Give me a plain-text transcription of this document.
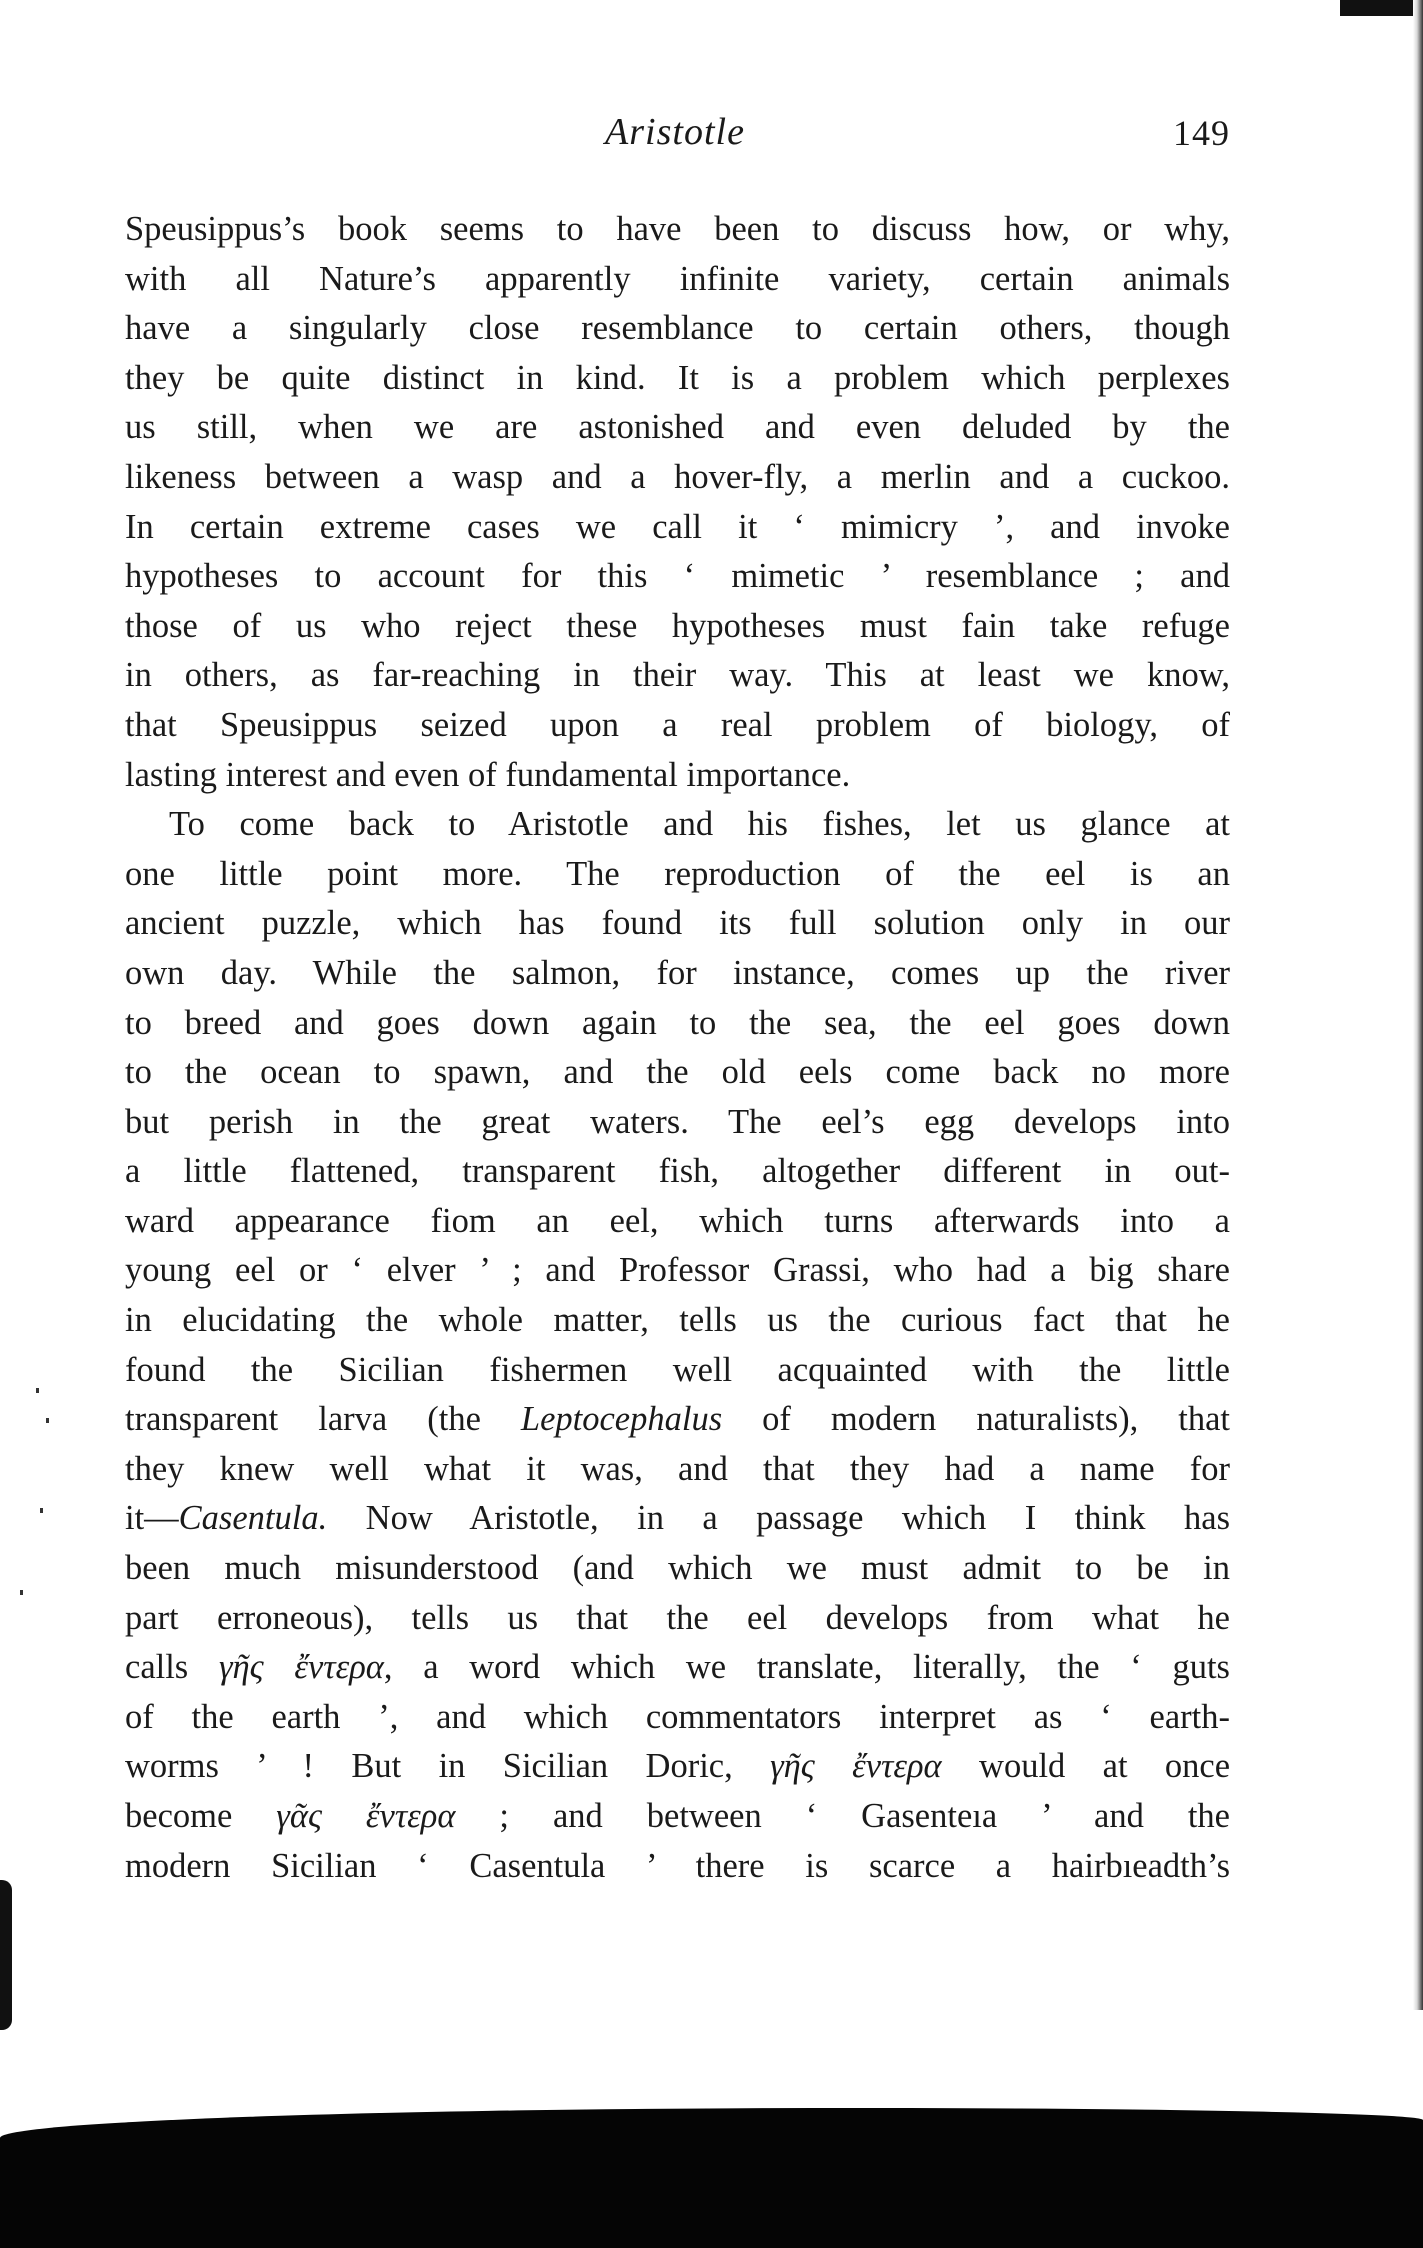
Aristotle	149
Speusippus’s book seems to have been to discuss how, or why,
with all Nature’s apparently infinite variety, certain animals
have a singularly close resemblance to certain others, though
they be quite distinct in kind. It is a problem which perplexes
us still, when we are astonished and even deluded by the
likeness between a wasp and a hover-fly, a merlin and a cuckoo.
In certain extreme cases we call it ‘ mimicry ’, and invoke
hypotheses to account for this ‘ mimetic ’ resemblance ; and
those of us who reject these hypotheses must fain take refuge
in others, as far-reaching in their way. This at least we know,
that Speusippus seized upon a real problem of biology, of
lasting interest and even of fundamental importance.
To come back to Aristotle and his fishes, let us glance at
one little point more. The reproduction of the eel is an
ancient puzzle, which has found its full solution only in our
own day. While the salmon, for instance, comes up the river
to breed and goes down again to the sea, the eel goes down
to the ocean to spawn, and the old eels come back no more
but perish in the great waters. The eel’s egg develops into
a little flattened, transparent fish, altogether different in out-
ward appearance fiom an eel, which turns afterwards into a
young eel or ‘ elver ’ ; and Professor Grassi, who had a big share
in elucidating the whole matter, tells us the curious fact that he
found the Sicilian fishermen well acquainted with the little
transparent larva (the Leptocephalus of modern naturalists), that
they knew well what it was, and that they had a name for
it—Casentula. Now Aristotle, in a passage which I think has
been much misunderstood (and which we must admit to be in
part erroneous), tells us that the eel develops from what he
calls γῆς ἔντερα, a word which we translate, literally, the ‘ guts
of the earth ’, and which commentators interpret as ‘ earth-
worms ’ ! But in Sicilian Doric, γῆς ἔντερα would at once
become γᾶς ἔντερα ; and between ‘ Gasenteıa ’ and the
modern Sicilian ‘ Casentula ’ there is scarce a hairbıeadth’s
